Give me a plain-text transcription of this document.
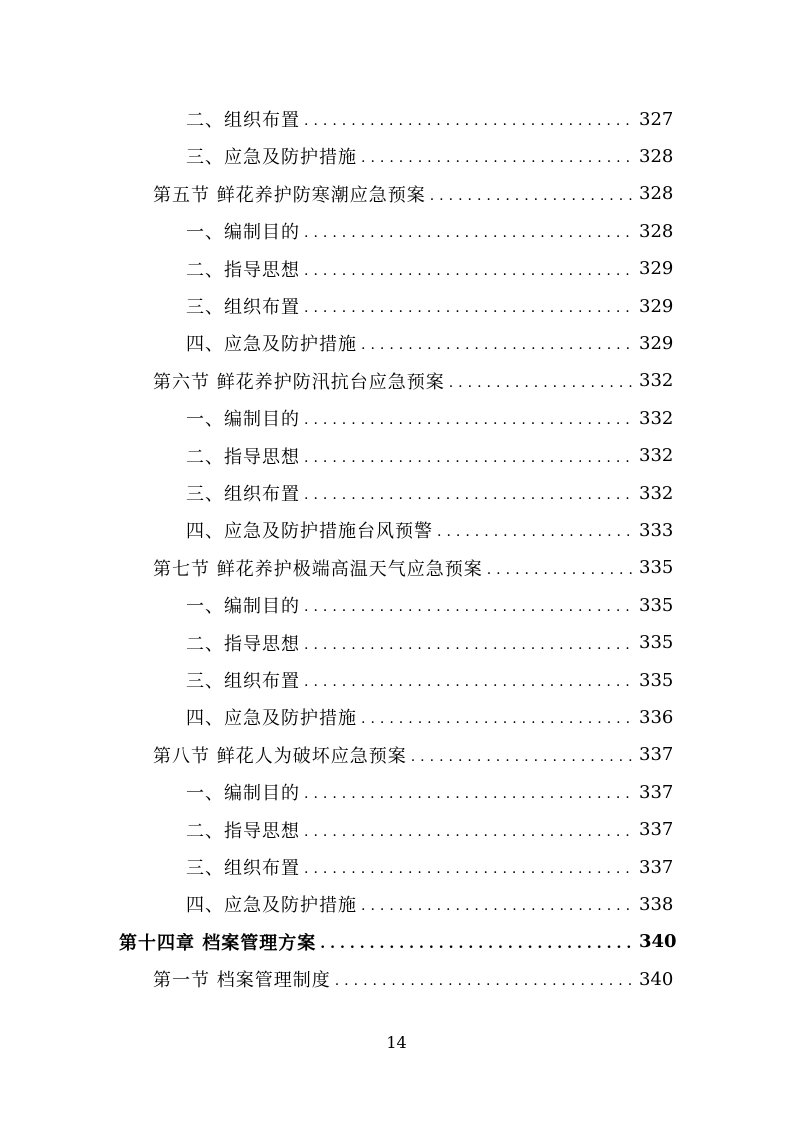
二、组织布置 .....	327
三、应急及防护措施 .....	328
第五节 鲜花养护防寒潮应急预案 .....	328
一、编制目的 .....	328
二、指导思想 .....	329
三、组织布置 .....	329
四、应急及防护措施 .....	329
第六节 鲜花养护防汛抗台应急预案 .....	332
一、编制目的 .....	332
二、指导思想 .....	332
三、组织布置 .....	332
四、应急及防护措施台风预警 .....	333
第七节 鲜花养护极端高温天气应急预案 .....	335
一、编制目的 .....	335
二、指导思想 .....	335
三、组织布置 .....	335
四、应急及防护措施 .....	336
第八节 鲜花人为破坏应急预案 .....	337
一、编制目的 .....	337
二、指导思想 .....	337
三、组织布置 .....	337
四、应急及防护措施 .....	338
第十四章 档案管理方案 .....	340
第一节 档案管理制度 .....	340
14
